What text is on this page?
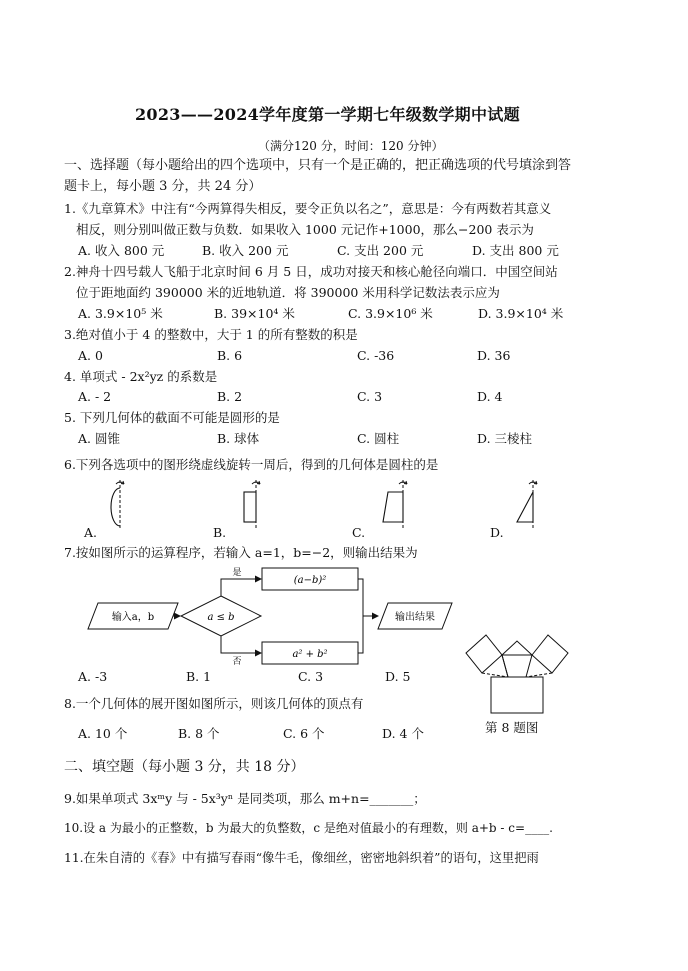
2023——2024学年度第一学期七年级数学期中试题
（满分120 分，时间：120 分钟）
一、选择题（每小题给出的四个选项中，只有一个是正确的，把正确选项的代号填涂到答
题卡上，每小题 3 分，共 24 分）
1.《九章算术》中注有“今两算得失相反，要令正负以名之”，意思是：今有两数若其意义
相反，则分别叫做正数与负数．如果收入 1000 元记作+1000，那么−200 表示为
A. 收入 800 元	B. 收入 200 元	C. 支出 200 元	D. 支出 800 元
2.神舟十四号载人飞船于北京时间 6 月 5 日，成功对接天和核心舱径向端口．中国空间站
位于距地面约 390000 米的近地轨道．将 390000 米用科学记数法表示应为
A. 3.9×10⁵ 米	B. 39×10⁴ 米	C. 3.9×10⁶ 米	D. 3.9×10⁴ 米
3.绝对值小于 4 的整数中，大于 1 的所有整数的积是
A. 0	B. 6	C. -36	D. 36
4. 单项式 - 2x²yz 的系数是
A. - 2	B. 2	C. 3	D. 4
5. 下列几何体的截面不可能是圆形的是
A. 圆锥	B. 球体	C. 圆柱	D. 三棱柱
6.下列各选项中的图形绕虚线旋转一周后，得到的几何体是圆柱的是
A.	B.	C.	D.
7.按如图所示的运算程序，若输入 a=1，b=−2，则输出结果为
输入a，b	a ≤ b
是
(a−b)²
否
a² + b²
输出结果
A. -3	B. 1	C. 3	D. 5
8.一个几何体的展开图如图所示，则该几何体的顶点有
A. 10 个	B. 8 个	C. 6 个	D. 4 个	第 8 题图
二、填空题（每小题 3 分，共 18 分）
9.如果单项式 3xᵐy 与 - 5x³yⁿ 是同类项，那么 m+n=_______；
10.设 a 为最小的正整数，b 为最大的负整数，c 是绝对值最小的有理数，则 a+b - c=____.
11.在朱自清的《春》中有描写春雨“像牛毛，像细丝，密密地斜织着”的语句，这里把雨
